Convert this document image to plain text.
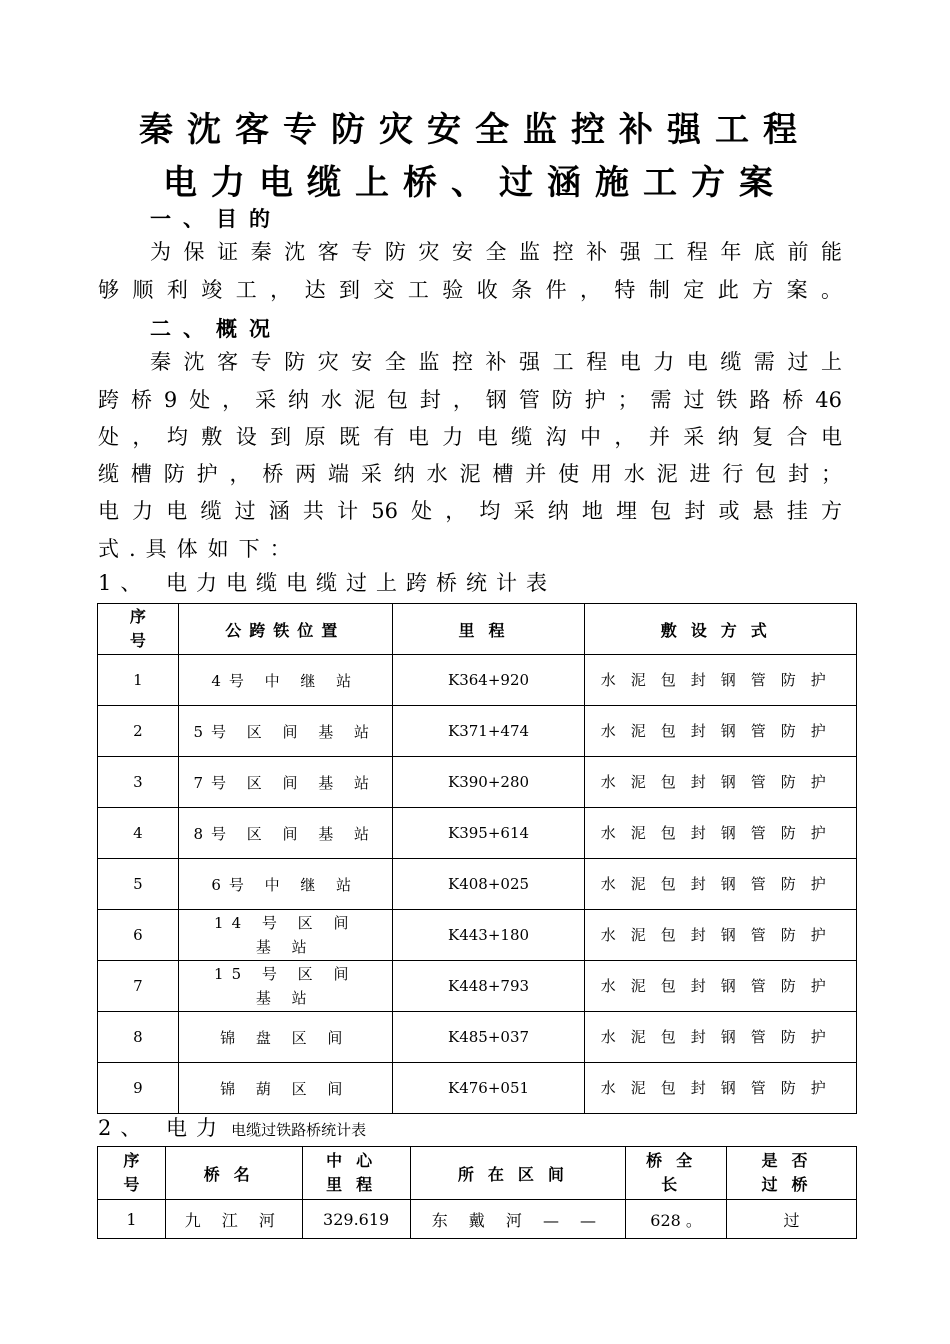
秦沈客专防灾安全监控补强工程
电力电缆上桥、过涵施工方案
一、目的
为保证秦沈客专防灾安全监控补强工程年底前能
够顺利竣工，达到交工验收条件，特制定此方案。
二、概况
秦沈客专防灾安全监控补强工程电力电缆需过上
跨桥9处，采纳水泥包封，钢管防护；需过铁路桥46
处，均敷设到原既有电力电缆沟中，并采纳复合电
缆槽防护，桥两端采纳水泥槽并使用水泥进行包封；
电力电缆过涵共计56处，均采纳地埋包封或悬挂方
式.具体如下：
1、 电力电缆电缆过上跨桥统计表
序号	公跨铁位置	里程	敷设方式
1	4号 中 继 站	K364+920	水泥包封钢管防护
2	5号 区 间 基 站	K371+474	水泥包封钢管防护
3	7号 区 间 基 站	K390+280	水泥包封钢管防护
4	8号 区 间 基 站	K395+614	水泥包封钢管防护
5	6号 中 继 站	K408+025	水泥包封钢管防护
6	14 号 区 间 基 站	K443+180	水泥包封钢管防护
7	15 号 区 间 基 站	K448+793	水泥包封钢管防护
8	锦 盘 区 间	K485+037	水泥包封钢管防护
9	锦 葫 区 间	K476+051	水泥包封钢管防护
2、 电力 电缆过铁路桥统计表
序号	桥名	中心里程	所在区间	桥全长	是否过桥
1	九 江 河	329.619	东 戴 河 — —	628 。	过
